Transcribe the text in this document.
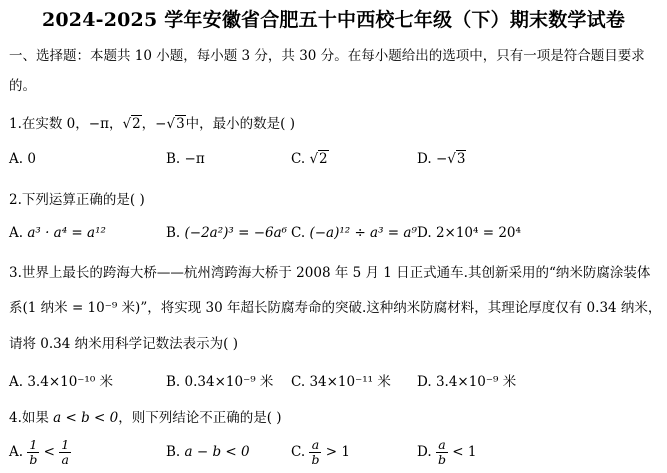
2024-2025 学年安徽省合肥五十中西校七年级（下）期末数学试卷
一、选择题：本题共 10 小题，每小题 3 分，共 30 分。在每小题给出的选项中，只有一项是符合题目要求
的。
1.在实数 0，−π，√2，−√3中，最小的数是( )
A. 0	B. −π	C. √2	D. −√3
2.下列运算正确的是( )
A. a³ · a⁴ = a¹²	B. (−2a²)³ = −6a⁶ C. (−a)¹² ÷ a³ = a⁹ D. 2×10⁴ = 20⁴
3.世界上最长的跨海大桥——杭州湾跨海大桥于 2008 年 5 月 1 日正式通车.其创新采用的“纳米防腐涂装体
系(1 纳米 = 10⁻⁹ 米)”，将实现 30 年超长防腐寿命的突破.这种纳米防腐材料，其理论厚度仅有 0.34 纳米，
请将 0.34 纳米用科学记数法表示为( )
A. 3.4×10⁻¹⁰ 米	B. 0.34×10⁻⁹ 米 C. 34×10⁻¹¹ 米 D. 3.4×10⁻⁹ 米
4.如果 a < b < 0，则下列结论不正确的是( )
A. $\frac{1}{b} < \frac{1}{a}$	B. a − b < 0	C. $\frac{a}{b} > 1$	D. $\frac{a}{b} < 1$
